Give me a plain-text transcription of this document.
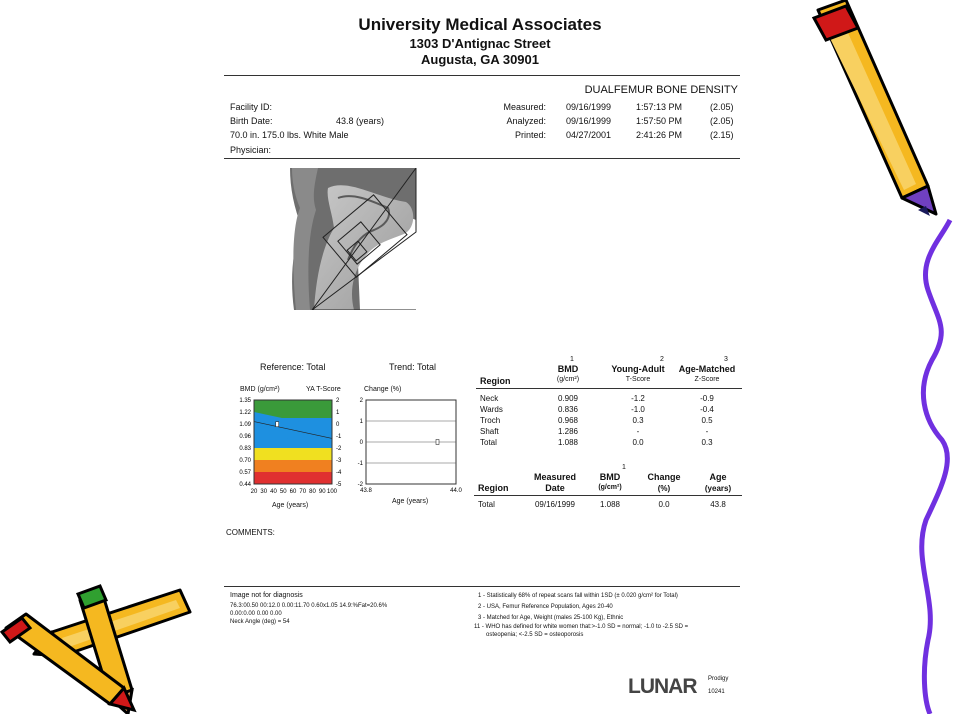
University Medical Associates
1303 D'Antignac Street
Augusta, GA 30901
DUALFEMUR BONE DENSITY
Facility ID:
Birth Date:	43.8 (years)
70.0 in. 175.0 lbs. White Male
Physician:
Measured: 09/16/1999	1:57:13 PM	(2.05)
Analyzed: 09/16/1999	1:57:50 PM	(2.05)
Printed: 04/27/2001	2:41:26 PM	(2.15)
Reference: Total	Trend: Total
BMD (g/cm²)	YA T-Score
1.35
1.22
1.09
0.96
0.83
0.70
0.57
0.44
2
1
0
-1
-2
-3
-4
-5
20 30 40 50 60 70 80 90 100
Age (years)
Change (%)
2
1
0
-1
-2
43.8	44.0
Age (years)
1	2	3
Region
BMD
(g/cm²)
Young-Adult
T-Score
Age-Matched
Z-Score
Neck	0.909	-1.2	-0.9
Wards	0.836	-1.0	-0.4
Troch	0.968	0.3	0.5
Shaft	1.286	-	-
Total	1.088	0.0	0.3
1
Region
Measured
Date
BMD
(g/cm²)
Change
(%)
Age
(years)
Total	09/16/1999	1.088	0.0	43.8
COMMENTS:
Image not for diagnosis
76.3:00.50 00:12.0 0.00:11.70 0.60x1.05 14.9:%Fat=20.6%
0.00:0.00 0.00 0.00
Neck Angle (deg) = 54
1 - Statistically 68% of repeat scans fall within 1SD (± 0.020 g/cm² for Total)
2 - USA, Femur Reference Population, Ages 20-40
3 - Matched for Age, Weight (males 25-100 Kg), Ethnic
11 - WHO has defined for white women that:>-1.0 SD = normal; -1.0 to -2.5 SD =
osteopenia; <-2.5 SD = osteoporosis
LUNAR Prodigy
10241
